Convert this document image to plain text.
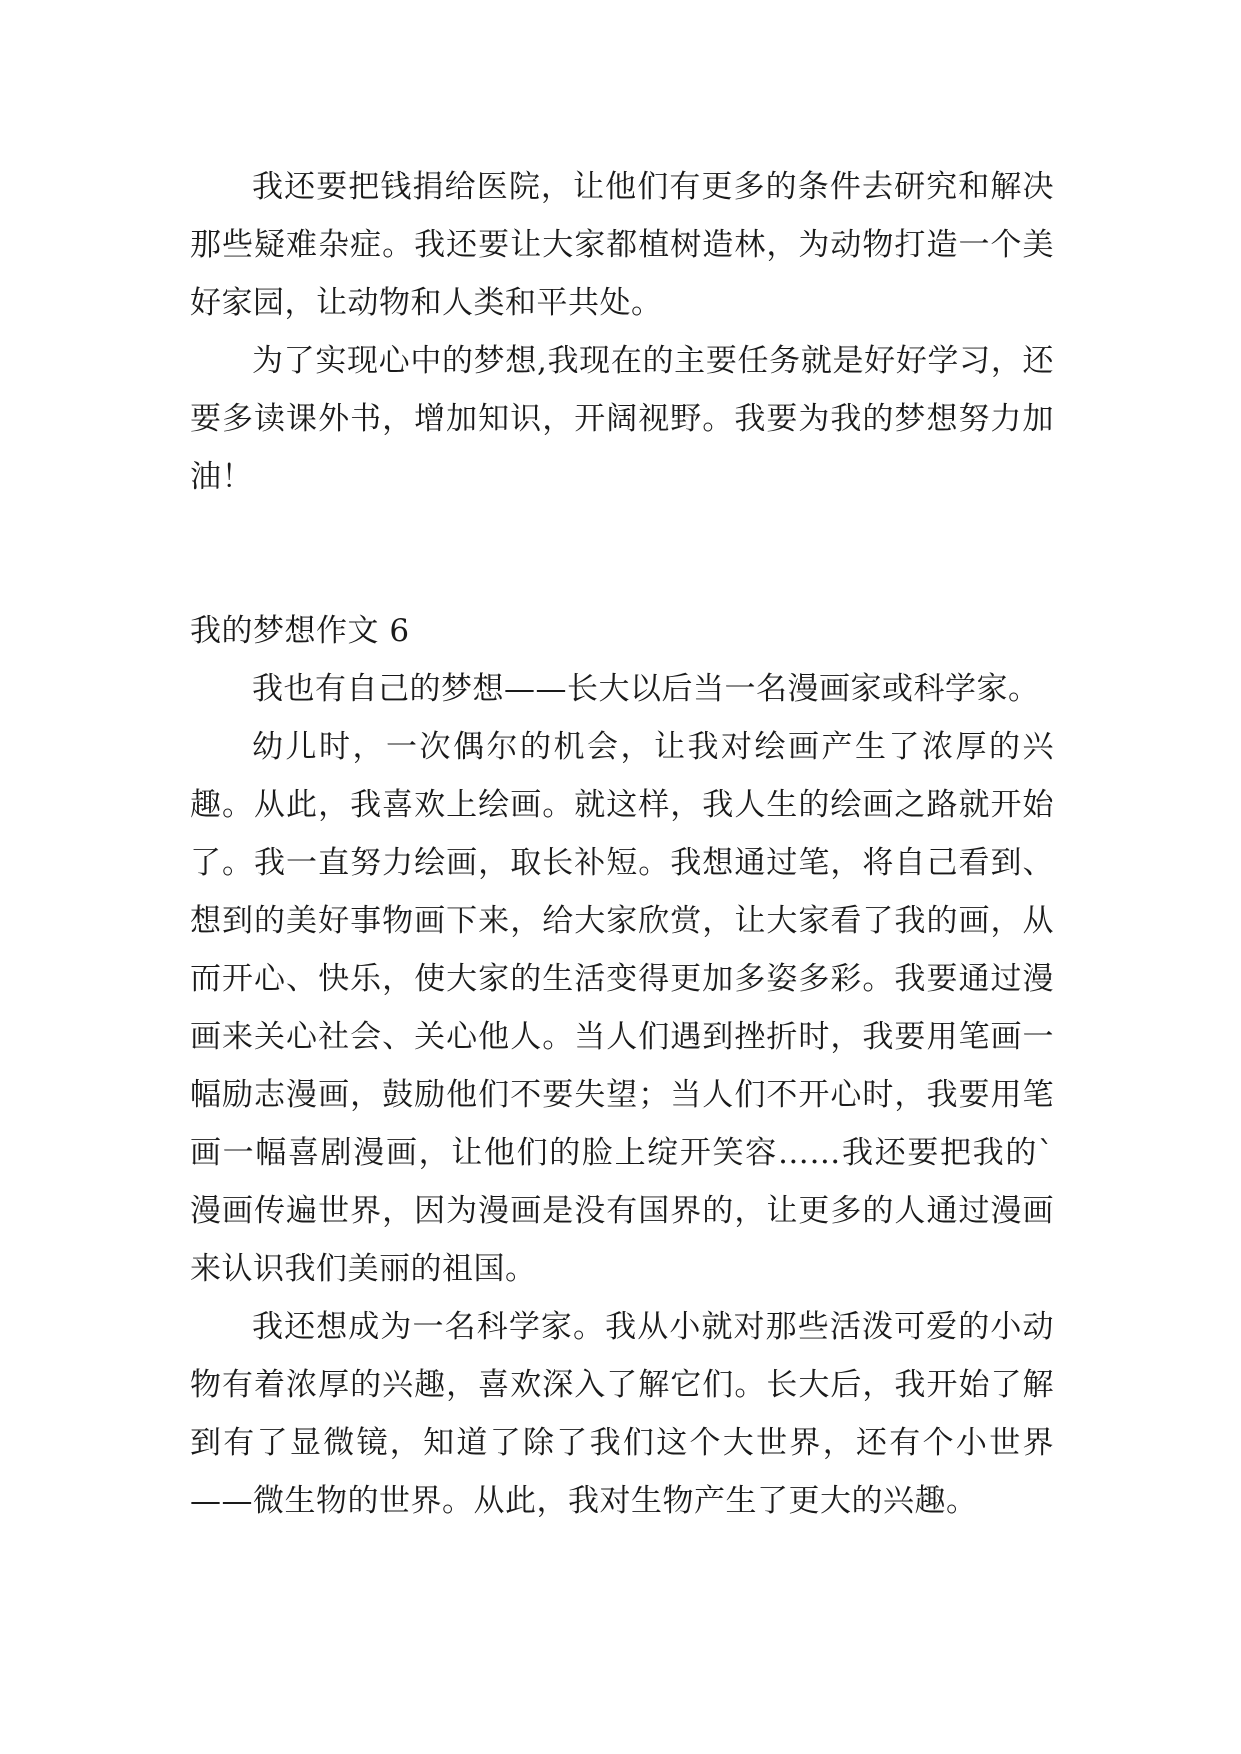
我还要把钱捐给医院，让他们有更多的条件去研究和解决那些疑难杂症。我还要让大家都植树造林，为动物打造一个美好家园，让动物和人类和平共处。

为了实现心中的梦想,我现在的主要任务就是好好学习，还要多读课外书，增加知识，开阔视野。我要为我的梦想努力加油！

我的梦想作文 6

我也有自己的梦想——长大以后当一名漫画家或科学家。

幼儿时，一次偶尔的机会，让我对绘画产生了浓厚的兴趣。从此，我喜欢上绘画。就这样，我人生的绘画之路就开始了。我一直努力绘画，取长补短。我想通过笔，将自己看到、想到的美好事物画下来，给大家欣赏，让大家看了我的画，从而开心、快乐，使大家的生活变得更加多姿多彩。我要通过漫画来关心社会、关心他人。当人们遇到挫折时，我要用笔画一幅励志漫画，鼓励他们不要失望；当人们不开心时，我要用笔画一幅喜剧漫画，让他们的脸上绽开笑容……我还要把我的`漫画传遍世界，因为漫画是没有国界的，让更多的人通过漫画来认识我们美丽的祖国。

我还想成为一名科学家。我从小就对那些活泼可爱的小动物有着浓厚的兴趣，喜欢深入了解它们。长大后，我开始了解到有了显微镜，知道了除了我们这个大世界，还有个小世界——微生物的世界。从此，我对生物产生了更大的兴趣。
